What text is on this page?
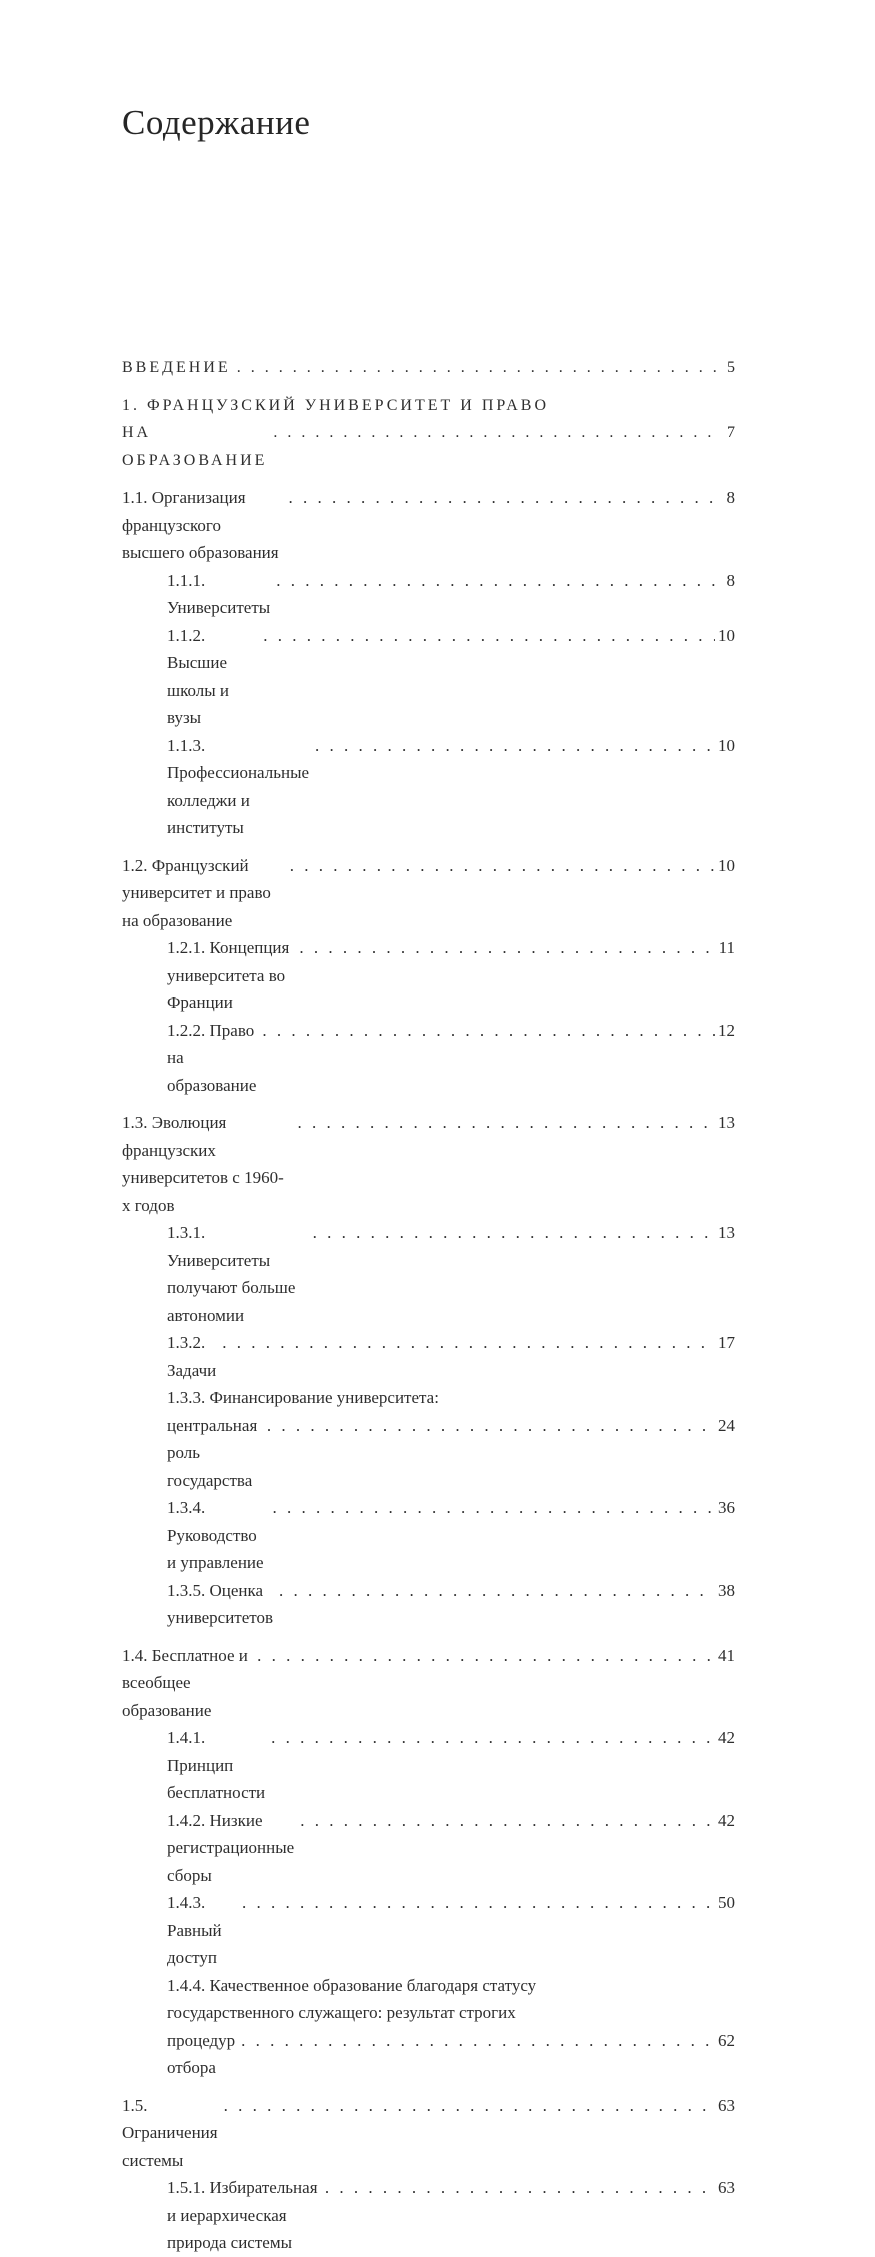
Содержание
ВВЕДЕНИЕ . . .	5
1. ФРАНЦУЗСКИЙ УНИВЕРСИТЕТ И ПРАВО
НА ОБРАЗОВАНИЕ
. . .
7
1.1. Организация французского высшего образования
. . .
8
1.1.1. Университеты
. . .
8
1.1.2. Высшие школы и вузы
. . .
10
1.1.3. Профессиональные колледжи и институты
. . .
10
1.2. Французский университет и право на образование
. . .
10
1.2.1. Концепция университета во Франции
. . .
11
1.2.2. Право на образование
. . .
12
1.3. Эволюция французских университетов с 1960-х годов
. . .
13
1.3.1. Университеты получают больше автономии
. . .
13
1.3.2. Задачи
. . .
17
1.3.3. Финансирование университета:
центральная роль государства
. . .
24
1.3.4. Руководство и управление
. . .
36
1.3.5. Оценка университетов
. . .
38
1.4. Бесплатное и всеобщее образование
. . .
41
1.4.1. Принцип бесплатности
. . .
42
1.4.2. Низкие регистрационные сборы
. . .
42
1.4.3. Равный доступ
. . .
50
1.4.4. Качественное образование благодаря статусу
государственного служащего: результат строгих
процедур отбора
. . .
62
1.5. Ограничения системы
. . .
63
1.5.1. Избирательная и иерархическая природа системы
. . .
63
